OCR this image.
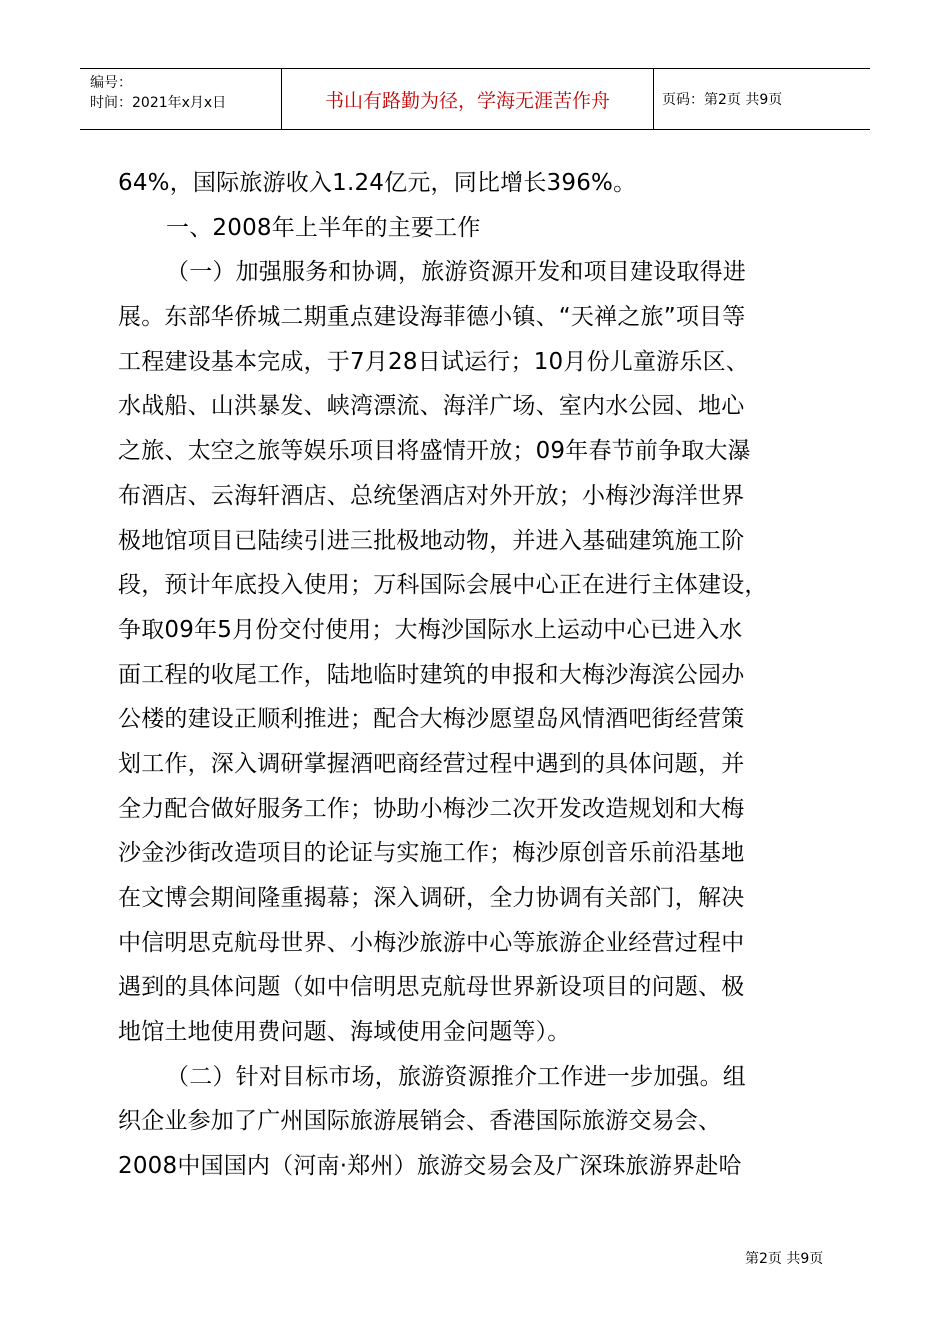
编号：
时间：2021年x月x日	书山有路勤为径，学海无涯苦作舟	页码：第2页 共9页
64%，国际旅游收入1.24亿元，同比增长396%。
一、2008年上半年的主要工作
（一）加强服务和协调，旅游资源开发和项目建设取得进
展。东部华侨城二期重点建设海菲德小镇、“天禅之旅”项目等
工程建设基本完成，于7月28日试运行；10月份儿童游乐区、
水战船、山洪暴发、峡湾漂流、海洋广场、室内水公园、地心
之旅、太空之旅等娱乐项目将盛情开放；09年春节前争取大瀑
布酒店、云海轩酒店、总统堡酒店对外开放；小梅沙海洋世界
极地馆项目已陆续引进三批极地动物，并进入基础建筑施工阶
段，预计年底投入使用；万科国际会展中心正在进行主体建设，
争取09年5月份交付使用；大梅沙国际水上运动中心已进入水
面工程的收尾工作，陆地临时建筑的申报和大梅沙海滨公园办
公楼的建设正顺利推进；配合大梅沙愿望岛风情酒吧街经营策
划工作，深入调研掌握酒吧商经营过程中遇到的具体问题，并
全力配合做好服务工作；协助小梅沙二次开发改造规划和大梅
沙金沙街改造项目的论证与实施工作；梅沙原创音乐前沿基地
在文博会期间隆重揭幕；深入调研，全力协调有关部门，解决
中信明思克航母世界、小梅沙旅游中心等旅游企业经营过程中
遇到的具体问题（如中信明思克航母世界新设项目的问题、极
地馆土地使用费问题、海域使用金问题等）。
（二）针对目标市场，旅游资源推介工作进一步加强。组
织企业参加了广州国际旅游展销会、香港国际旅游交易会、
2008中国国内（河南·郑州）旅游交易会及广深珠旅游界赴哈
第2页 共9页
